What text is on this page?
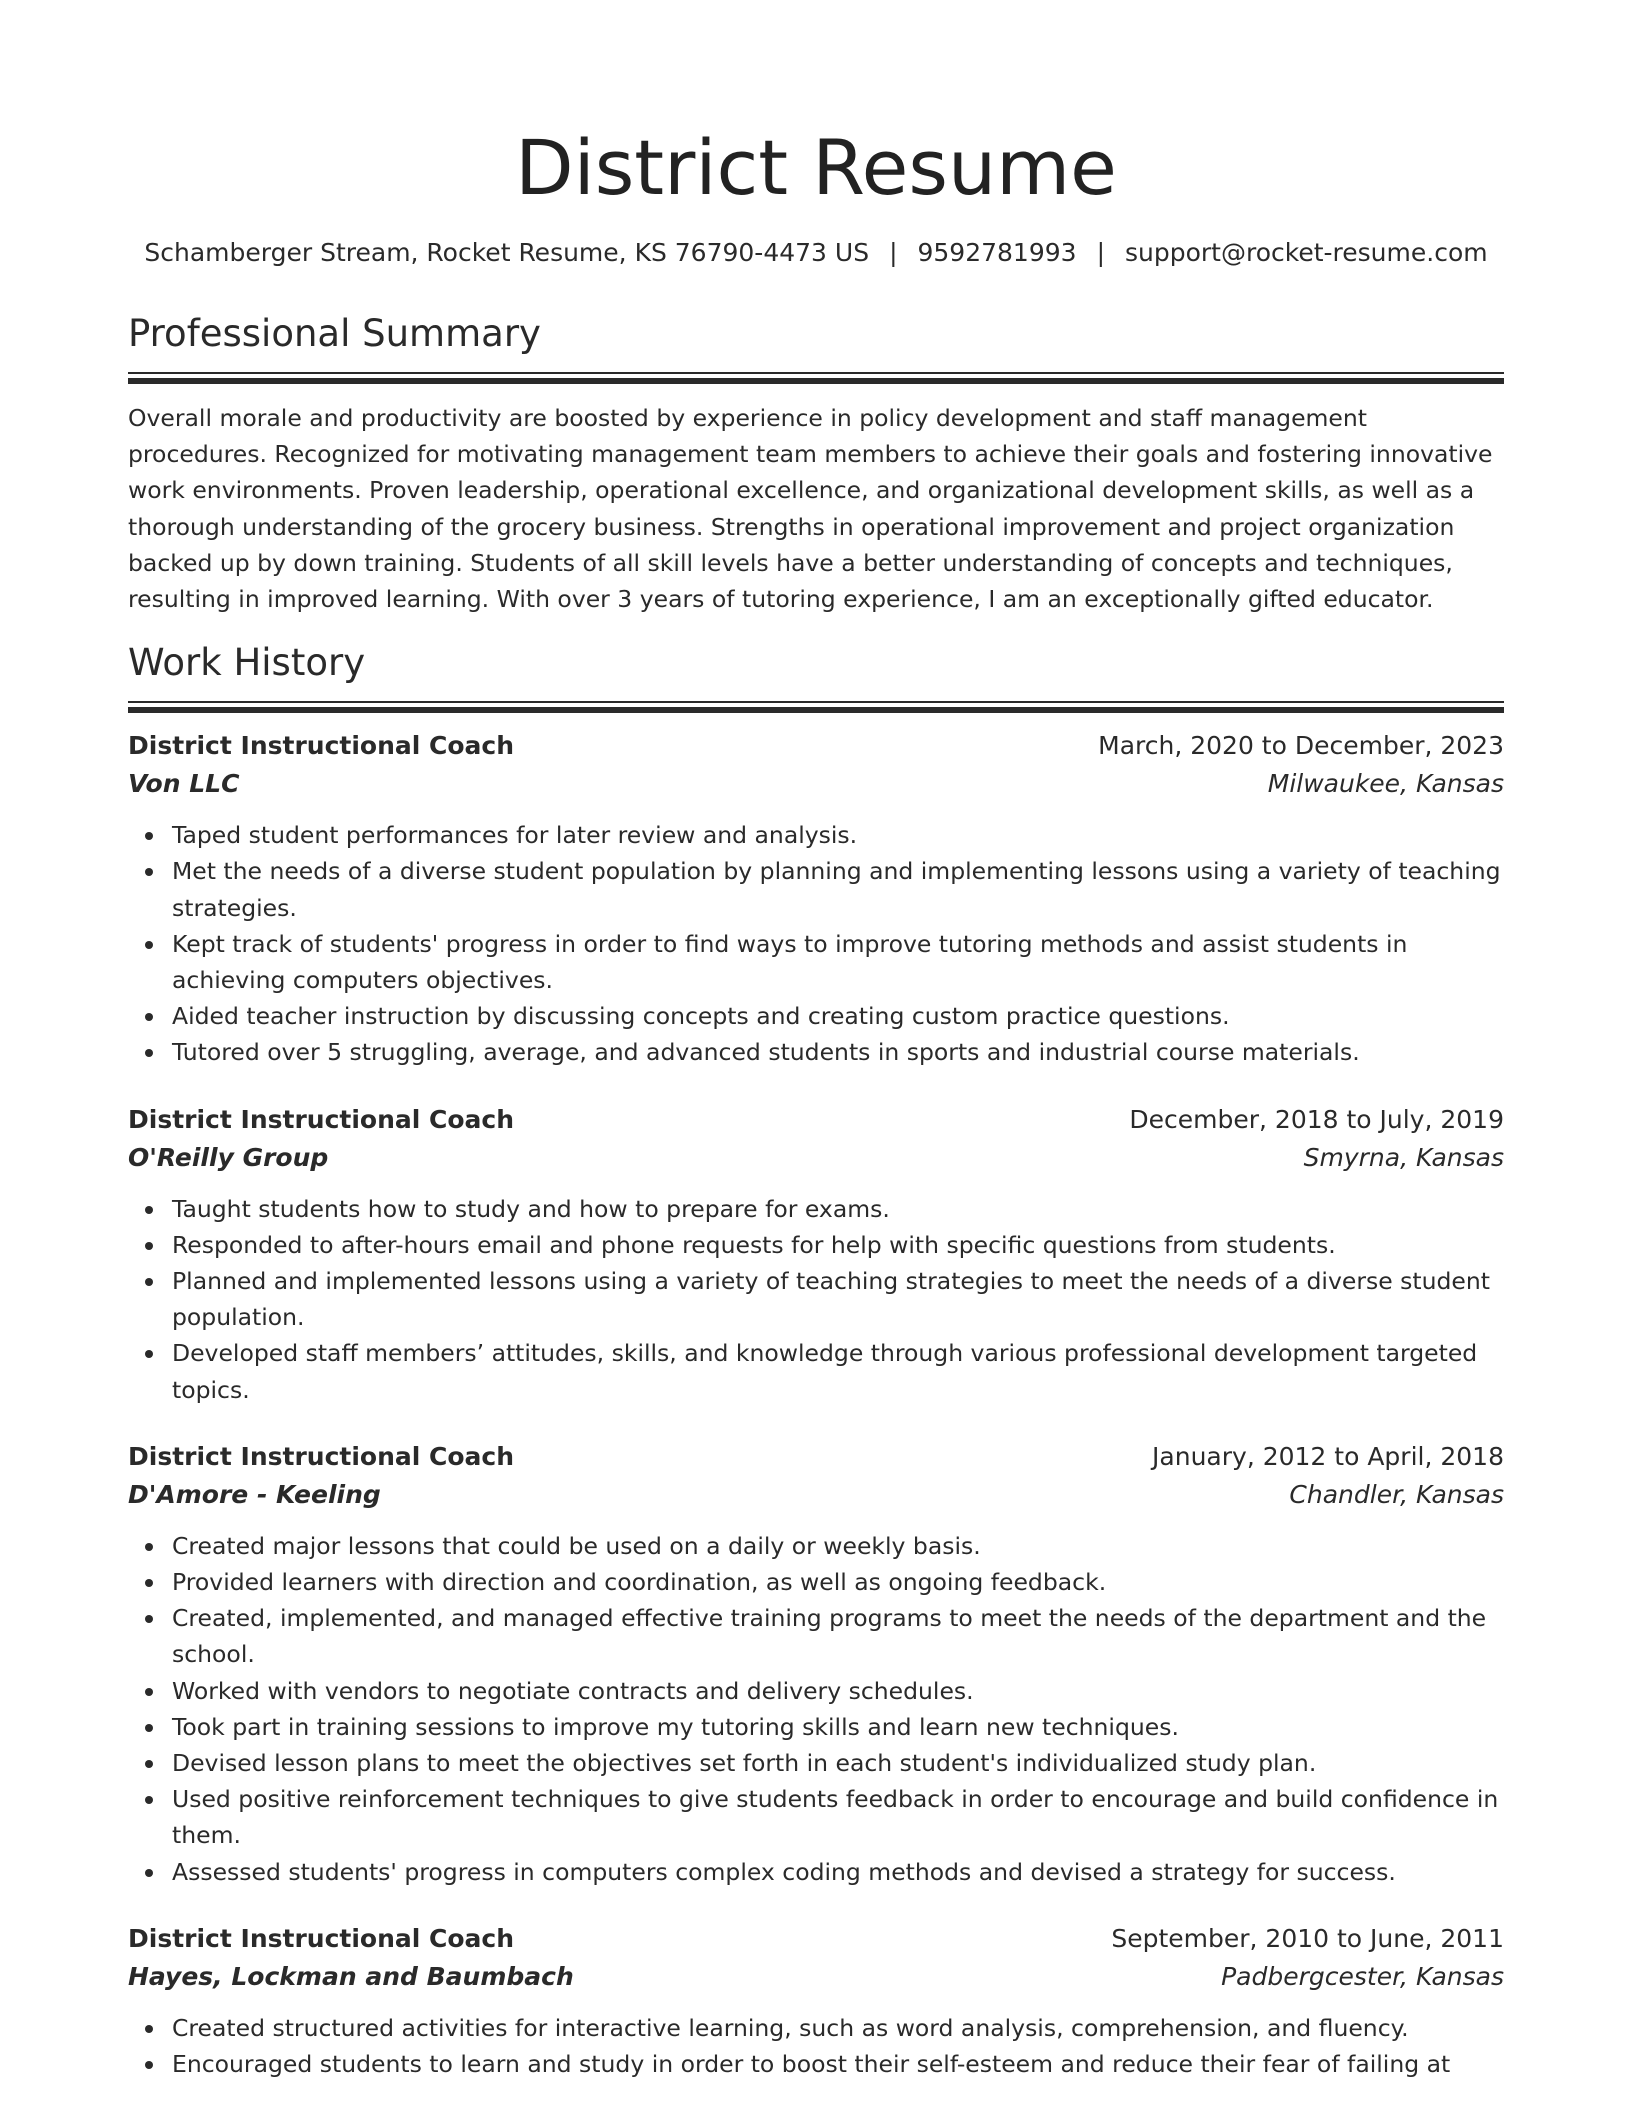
District Resume
Schamberger Stream, Rocket Resume, KS 76790-4473 US | 9592781993 | support@rocket-resume.com
Professional Summary

Overall morale and productivity are boosted by experience in policy development and staff management procedures. Recognized for motivating management team members to achieve their goals and fostering innovative work environments. Proven leadership, operational excellence, and organizational development skills, as well as a thorough understanding of the grocery business. Strengths in operational improvement and project organization backed up by down training. Students of all skill levels have a better understanding of concepts and techniques, resulting in improved learning. With over 3 years of tutoring experience, I am an exceptionally gifted educator.

Work History
District Instructional Coach	March, 2020 to December, 2023
Von LLC	Milwaukee, Kansas
Taped student performances for later review and analysis.
Met the needs of a diverse student population by planning and implementing lessons using a variety of teaching strategies.
Kept track of students' progress in order to find ways to improve tutoring methods and assist students in achieving computers objectives.
Aided teacher instruction by discussing concepts and creating custom practice questions.
Tutored over 5 struggling, average, and advanced students in sports and industrial course materials.
District Instructional Coach	December, 2018 to July, 2019
O'Reilly Group	Smyrna, Kansas
Taught students how to study and how to prepare for exams.
Responded to after-hours email and phone requests for help with specific questions from students.
Planned and implemented lessons using a variety of teaching strategies to meet the needs of a diverse student population.
Developed staff members’ attitudes, skills, and knowledge through various professional development targeted topics.
District Instructional Coach	January, 2012 to April, 2018
D'Amore - Keeling	Chandler, Kansas
Created major lessons that could be used on a daily or weekly basis.
Provided learners with direction and coordination, as well as ongoing feedback.
Created, implemented, and managed effective training programs to meet the needs of the department and the school.
Worked with vendors to negotiate contracts and delivery schedules.
Took part in training sessions to improve my tutoring skills and learn new techniques.
Devised lesson plans to meet the objectives set forth in each student's individualized study plan.
Used positive reinforcement techniques to give students feedback in order to encourage and build confidence in them.
Assessed students' progress in computers complex coding methods and devised a strategy for success.
District Instructional Coach	September, 2010 to June, 2011
Hayes, Lockman and Baumbach	Padbergcester, Kansas
Created structured activities for interactive learning, such as word analysis, comprehension, and fluency.
Encouraged students to learn and study in order to boost their self-esteem and reduce their fear of failing at
